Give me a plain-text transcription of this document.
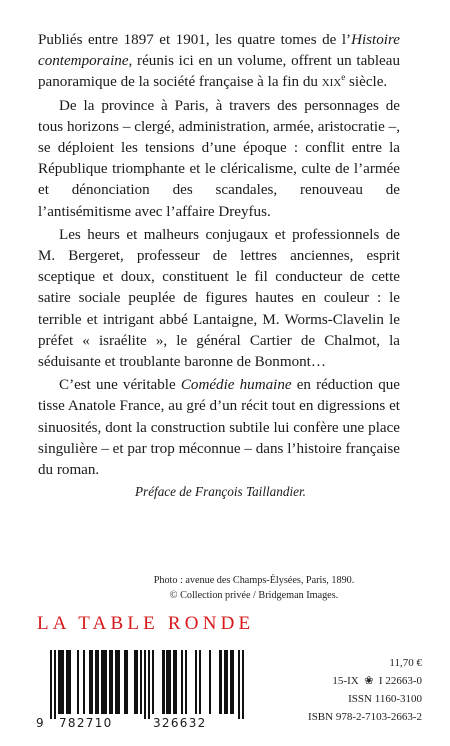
Publiés entre 1897 et 1901, les quatre tomes de l’Histoire contemporaine, réunis ici en un volume, offrent un tableau panoramique de la société française à la fin du xix$^e$ siècle.

De la province à Paris, à travers des personnages de tous horizons – clergé, administration, armée, aristocratie –, se déploient les tensions d’une époque : conflit entre la République triomphante et le cléricalisme, culte de l’armée et dénonciation des scandales, renouveau de l’antisémitisme avec l’affaire Dreyfus.

Les heurs et malheurs conjugaux et professionnels de M. Bergeret, professeur de lettres anciennes, esprit sceptique et doux, constituent le fil conducteur de cette satire sociale peuplée de figures hautes en couleur : le terrible et intrigant abbé Lantaigne, M. Worms-Clavelin le préfet « israélite », le général Cartier de Chalmot, la séduisante et troublante baronne de Bonmont…

C’est une véritable Comédie humaine en réduction que tisse Anatole France, au gré d’un récit tout en digressions et sinuosités, dont la construction subtile lui confère une place singulière – et par trop méconnue – dans l’histoire française du roman.

Préface de François Taillandier.
Photo : avenue des Champs-Élysées, Paris, 1890.
© Collection privée / Bridgeman Images.
LA TABLE RONDE
9 782710	326632
11,70 €
15-IX ❀ I 22663-0
ISSN 1160-3100
ISBN 978-2-7103-2663-2
